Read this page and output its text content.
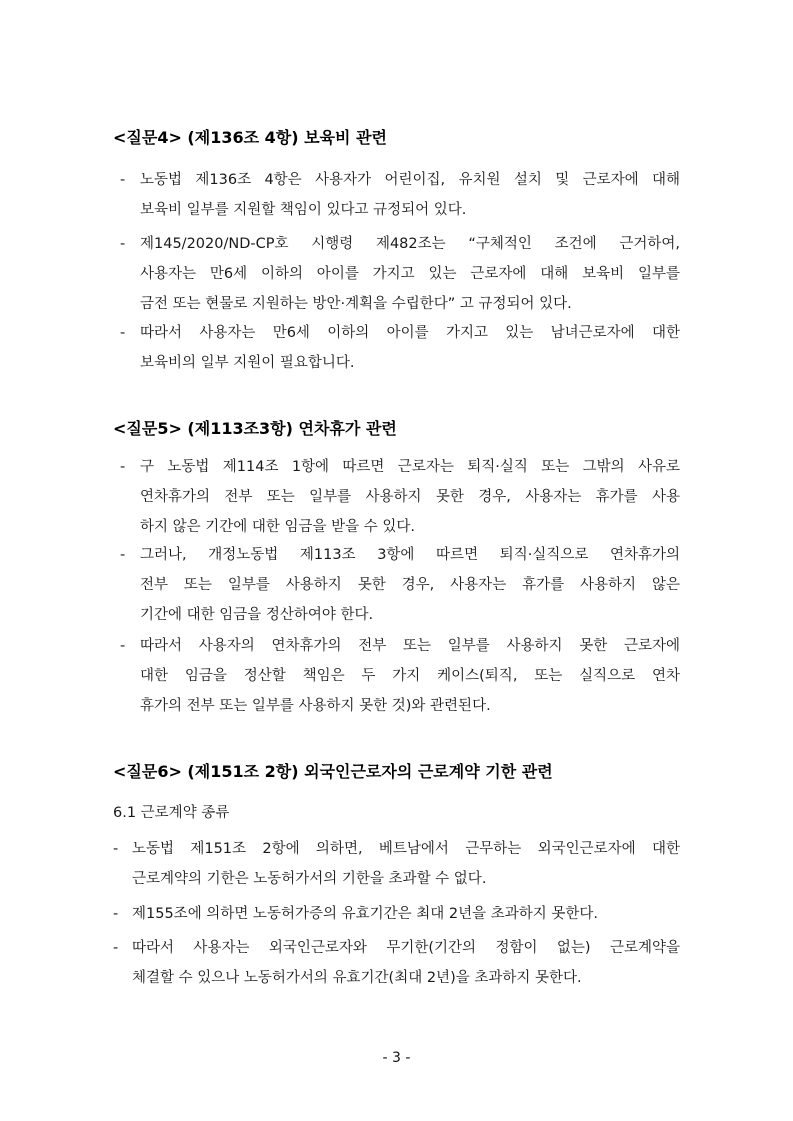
<질문4> (제136조 4항) 보육비 관련
- 노동법 제136조 4항은 사용자가 어린이집, 유치원 설치 및 근로자에 대해
보육비 일부를 지원할 책임이 있다고 규정되어 있다.
- 제145/2020/ND-CP호 시행령 제482조는 “구체적인 조건에 근거하여,
사용자는 만6세 이하의 아이를 가지고 있는 근로자에 대해 보육비 일부를
금전 또는 현물로 지원하는 방안·계획을 수립한다” 고 규정되어 있다.
- 따라서 사용자는 만6세 이하의 아이를 가지고 있는 남녀근로자에 대한
보육비의 일부 지원이 필요합니다.
<질문5> (제113조3항) 연차휴가 관련
- 구 노동법 제114조 1항에 따르면 근로자는 퇴직·실직 또는 그밖의 사유로
연차휴가의 전부 또는 일부를 사용하지 못한 경우, 사용자는 휴가를 사용
하지 않은 기간에 대한 임금을 받을 수 있다.
- 그러나, 개정노동법 제113조 3항에 따르면 퇴직·실직으로 연차휴가의
전부 또는 일부를 사용하지 못한 경우, 사용자는 휴가를 사용하지 않은
기간에 대한 임금을 정산하여야 한다.
- 따라서 사용자의 연차휴가의 전부 또는 일부를 사용하지 못한 근로자에
대한 임금을 정산할 책임은 두 가지 케이스(퇴직, 또는 실직으로 연차
휴가의 전부 또는 일부를 사용하지 못한 것)와 관련된다.
<질문6> (제151조 2항) 외국인근로자의 근로계약 기한 관련

6.1 근로계약 종류

- 노동법 제151조 2항에 의하면, 베트남에서 근무하는 외국인근로자에 대한
근로계약의 기한은 노동허가서의 기한을 초과할 수 없다.
- 제155조에 의하면 노동허가증의 유효기간은 최대 2년을 초과하지 못한다.
- 따라서 사용자는 외국인근로자와 무기한(기간의 정함이 없는) 근로계약을
체결할 수 있으나 노동허가서의 유효기간(최대 2년)을 초과하지 못한다.
- 3 -
